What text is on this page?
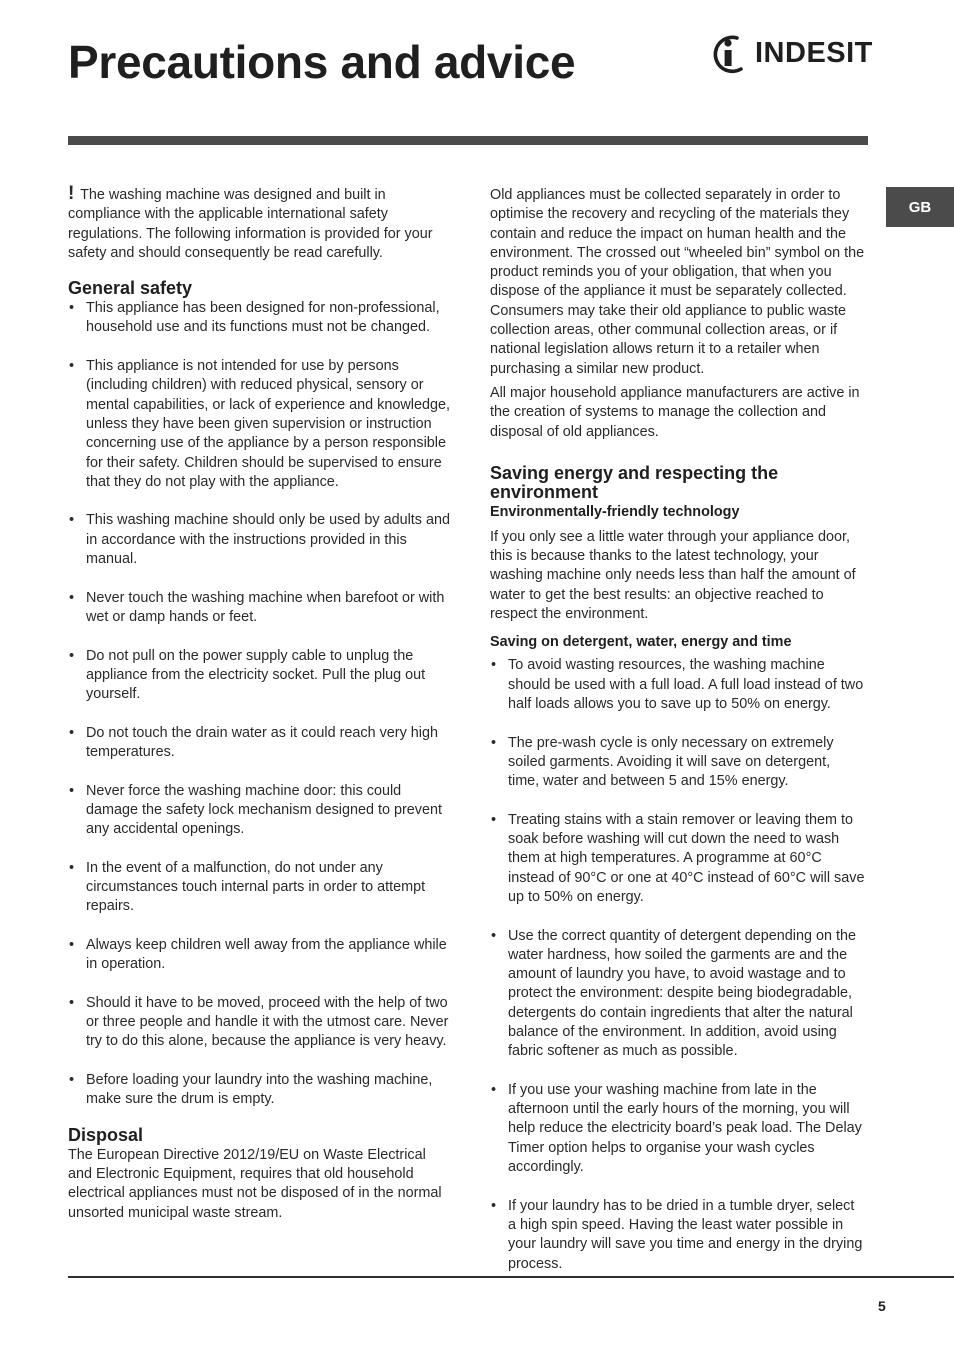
Precautions and advice	INDESIT
GB

! The washing machine was designed and built in compliance with the applicable international safety regulations. The following information is provided for your safety and should consequently be read carefully.

General safety
• This appliance has been designed for non-professional, household use and its functions must not be changed.
• This appliance is not intended for use by persons (including children) with reduced physical, sensory or mental capabilities, or lack of experience and knowledge, unless they have been given supervision or instruction concerning use of the appliance by a person responsible for their safety. Children should be supervised to ensure that they do not play with the appliance.
• This washing machine should only be used by adults and in accordance with the instructions provided in this manual.
• Never touch the washing machine when barefoot or with wet or damp hands or feet.
• Do not pull on the power supply cable to unplug the appliance from the electricity socket. Pull the plug out yourself.
• Do not touch the drain water as it could reach very high temperatures.
• Never force the washing machine door: this could damage the safety lock mechanism designed to prevent any accidental openings.
• In the event of a malfunction, do not under any circumstances touch internal parts in order to attempt repairs.
• Always keep children well away from the appliance while in operation.
• Should it have to be moved, proceed with the help of two or three people and handle it with the utmost care. Never try to do this alone, because the appliance is very heavy.
• Before loading your laundry into the washing machine, make sure the drum is empty.
Disposal

The European Directive 2012/19/EU on Waste Electrical and Electronic Equipment, requires that old household electrical appliances must not be disposed of in the normal unsorted municipal waste stream.

Old appliances must be collected separately in order to optimise the recovery and recycling of the materials they contain and reduce the impact on human health and the environment. The crossed out “wheeled bin” symbol on the product reminds you of your obligation, that when you dispose of the appliance it must be separately collected. Consumers may take their old appliance to public waste collection areas, other communal collection areas, or if national legislation allows return it to a retailer when purchasing a similar new product.

All major household appliance manufacturers are active in the creation of systems to manage the collection and disposal of old appliances.

Saving energy and respecting the environment
Environmentally-friendly technology

If you only see a little water through your appliance door, this is because thanks to the latest technology, your washing machine only needs less than half the amount of water to get the best results: an objective reached to respect the environment.

Saving on detergent, water, energy and time
• To avoid wasting resources, the washing machine should be used with a full load. A full load instead of two half loads allows you to save up to 50% on energy.
• The pre-wash cycle is only necessary on extremely soiled garments. Avoiding it will save on detergent, time, water and between 5 and 15% energy.
• Treating stains with a stain remover or leaving them to soak before washing will cut down the need to wash them at high temperatures. A programme at 60°C instead of 90°C or one at 40°C instead of 60°C will save up to 50% on energy.
• Use the correct quantity of detergent depending on the water hardness, how soiled the garments are and the amount of laundry you have, to avoid wastage and to protect the environment: despite being biodegradable, detergents do contain ingredients that alter the natural balance of the environment. In addition, avoid using fabric softener as much as possible.
• If you use your washing machine from late in the afternoon until the early hours of the morning, you will help reduce the electricity board’s peak load. The Delay Timer option helps to organise your wash cycles accordingly.
• If your laundry has to be dried in a tumble dryer, select a high spin speed. Having the least water possible in your laundry will save you time and energy in the drying process.
5
